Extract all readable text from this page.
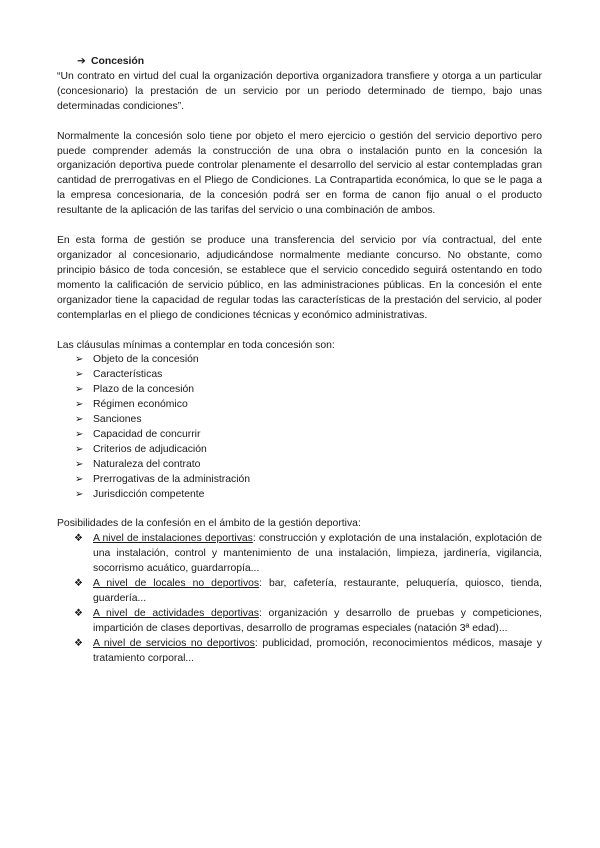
➔ Concesión

“Un contrato en virtud del cual la organización deportiva organizadora transfiere y otorga a un particular (concesionario) la prestación de un servicio por un periodo determinado de tiempo, bajo unas determinadas condiciones”.

Normalmente la concesión solo tiene por objeto el mero ejercicio o gestión del servicio deportivo pero puede comprender además la construcción de una obra o instalación punto en la concesión la organización deportiva puede controlar plenamente el desarrollo del servicio al estar contempladas gran cantidad de prerrogativas en el Pliego de Condiciones. La Contrapartida económica, lo que se le paga a la empresa concesionaria, de la concesión podrá ser en forma de canon fijo anual o el producto resultante de la aplicación de las tarifas del servicio o una combinación de ambos.

En esta forma de gestión se produce una transferencia del servicio por vía contractual, del ente organizador al concesionario, adjudicándose normalmente mediante concurso. No obstante, como principio básico de toda concesión, se establece que el servicio concedido seguirá ostentando en todo momento la calificación de servicio público, en las administraciones públicas. En la concesión el ente organizador tiene la capacidad de regular todas las características de la prestación del servicio, al poder contemplarlas en el pliego de condiciones técnicas y económico administrativas.

Las cláusulas mínimas a contemplar en toda concesión son:

➢ Objeto de la concesión
➢ Características
➢ Plazo de la concesión
➢ Régimen económico
➢ Sanciones
➢ Capacidad de concurrir
➢ Criterios de adjudicación
➢ Naturaleza del contrato
➢ Prerrogativas de la administración
➢ Jurisdicción competente

Posibilidades de la confesión en el ámbito de la gestión deportiva:

❖ A nivel de instalaciones deportivas: construcción y explotación de una instalación, explotación de una instalación, control y mantenimiento de una instalación, limpieza, jardinería, vigilancia, socorrismo acuático, guardarropía...
❖ A nivel de locales no deportivos: bar, cafetería, restaurante, peluquería, quiosco, tienda, guardería...
❖ A nivel de actividades deportivas: organización y desarrollo de pruebas y competiciones, impartición de clases deportivas, desarrollo de programas especiales (natación 3ª edad)...
❖ A nivel de servicios no deportivos: publicidad, promoción, reconocimientos médicos, masaje y tratamiento corporal...
